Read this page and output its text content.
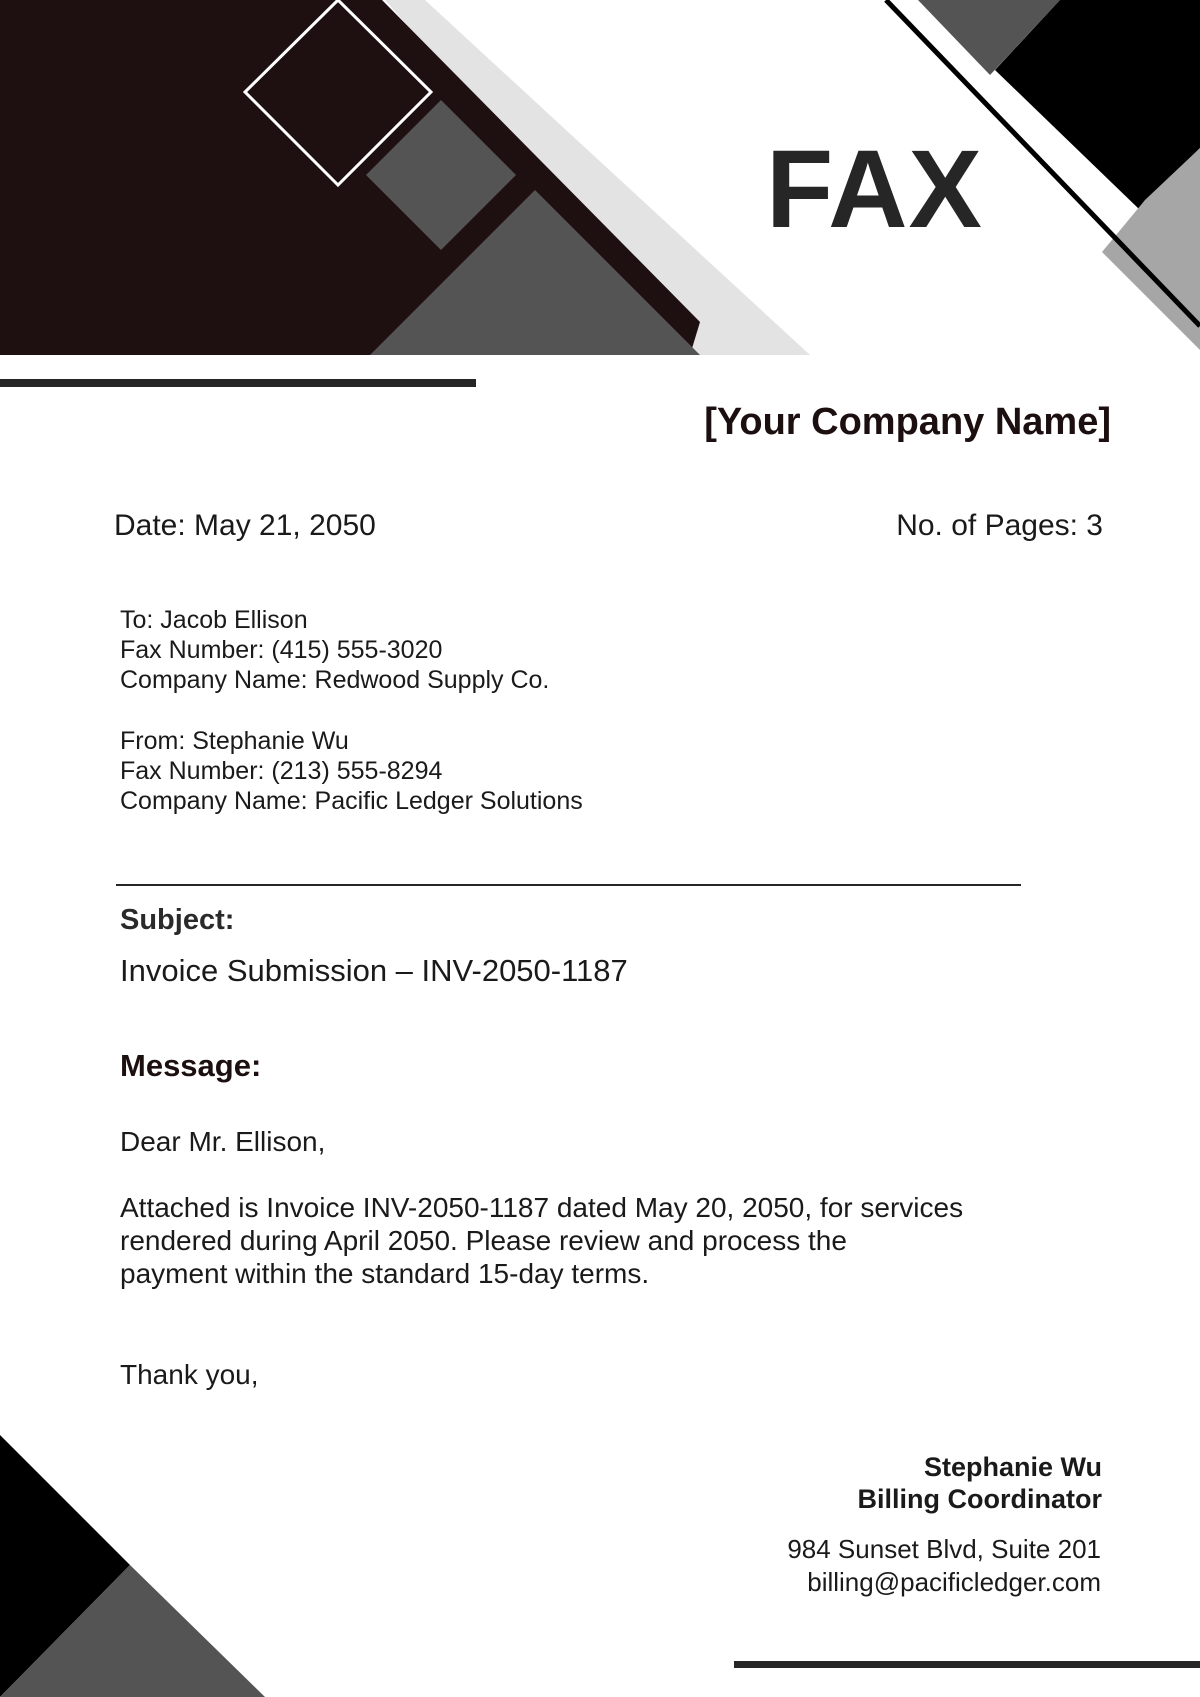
FAX
[Your Company Name]
Date: May 21, 2050	No. of Pages: 3
To: Jacob Ellison
Fax Number: (415) 555-3020
Company Name: Redwood Supply Co.
From: Stephanie Wu
Fax Number: (213) 555-8294
Company Name: Pacific Ledger Solutions
Subject:
Invoice Submission – INV-2050-1187
Message:
Dear Mr. Ellison,
Attached is Invoice INV-2050-1187 dated May 20, 2050, for services
rendered during April 2050. Please review and process the
payment within the standard 15-day terms.
Thank you,
Stephanie Wu
Billing Coordinator
984 Sunset Blvd, Suite 201
billing@pacificledger.com
